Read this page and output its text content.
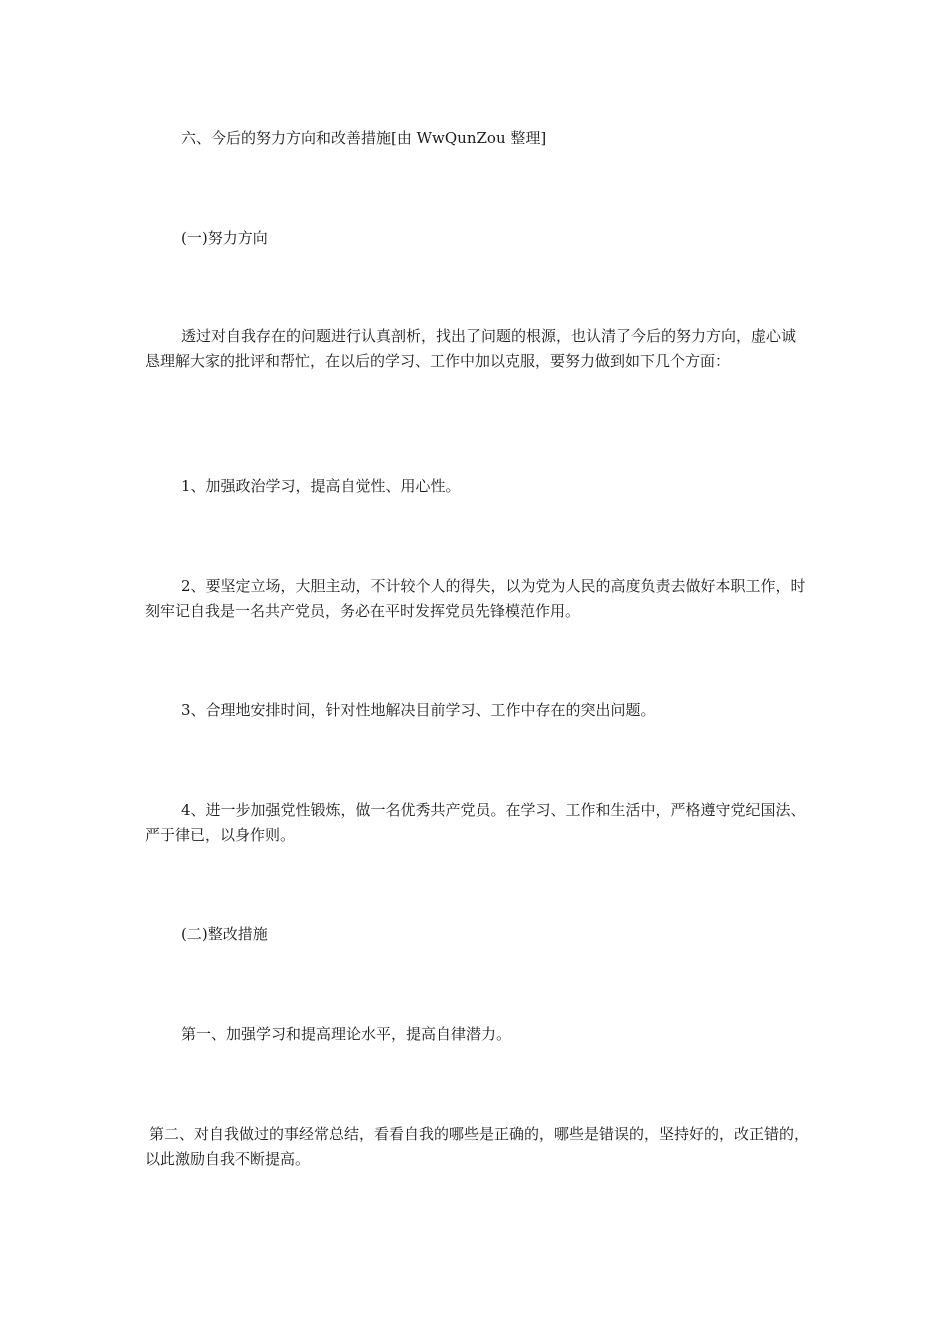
六、今后的努力方向和改善措施[由 WwQunZou 整理]

(一)努力方向

透过对自我存在的问题进行认真剖析，找出了问题的根源，也认清了今后的努力方向，虚心诚恳理解大家的批评和帮忙，在以后的学习、工作中加以克服，要努力做到如下几个方面：

1、加强政治学习，提高自觉性、用心性。

2、要坚定立场，大胆主动，不计较个人的得失，以为党为人民的高度负责去做好本职工作，时刻牢记自我是一名共产党员，务必在平时发挥党员先锋模范作用。

3、合理地安排时间，针对性地解决目前学习、工作中存在的突出问题。

4、进一步加强党性锻炼，做一名优秀共产党员。在学习、工作和生活中，严格遵守党纪国法、严于律已，以身作则。

(二)整改措施

第一、加强学习和提高理论水平，提高自律潜力。

第二、对自我做过的事经常总结，看看自我的哪些是正确的，哪些是错误的，坚持好的，改正错的，以此激励自我不断提高。
